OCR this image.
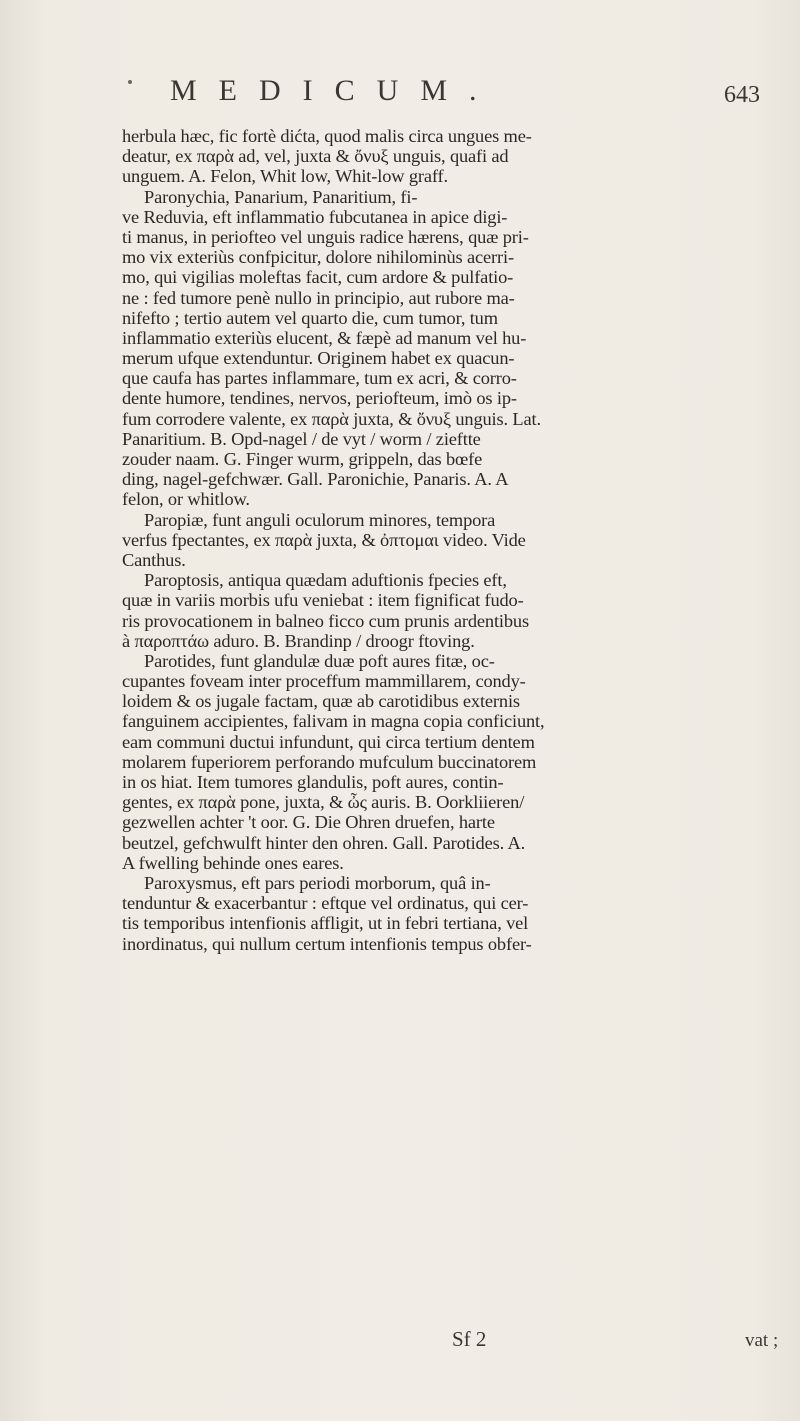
MEDICUM.	643
herbula hæc, fic fortè dićta, quod malis circa ungues me-
deatur, ex παρὰ ad, vel, juxta & ὄνυξ unguis, quafi ad
unguem. A. Felon, Whit low, Whit-low graff.
Paronychia, Panarium, Panaritium, fi-
ve Reduvia, eft inflammatio fubcutanea in apice digi-
ti manus, in periofteo vel unguis radice hærens, quæ pri-
mo vix exteriùs confpicitur, dolore nihilominùs acerri-
mo, qui vigilias moleftas facit, cum ardore & pulfatio-
ne : fed tumore penè nullo in principio, aut rubore ma-
nifefto ; tertio autem vel quarto die, cum tumor, tum
inflammatio exteriùs elucent, & fæpè ad manum vel hu-
merum ufque extenduntur. Originem habet ex quacun-
que caufa has partes inflammare, tum ex acri, & corro-
dente humore, tendines, nervos, periofteum, imò os ip-
fum corrodere valente, ex παρὰ juxta, & ὄνυξ unguis. Lat.
Panaritium. B. Opd-nagel / de vyt / worm / zieftte
zouder naam. G. Finger wurm, grippeln, das bœfe
ding, nagel-gefchwær. Gall. Paronichie, Panaris. A. A
felon, or whitlow.
Paropiæ, funt anguli oculorum minores, tempora
verfus fpectantes, ex παρὰ juxta, & ὀπτομαι video. Vide
Canthus.
Paroptosis, antiqua quædam aduftionis fpecies eft,
quæ in variis morbis ufu veniebat : item fignificat fudo-
ris provocationem in balneo ficco cum prunis ardentibus
à παροπτάω aduro. B. Brandinp / droogr ftoving.
Parotides, funt glandulæ duæ poft aures fitæ, oc-
cupantes foveam inter proceffum mammillarem, condy-
loidem & os jugale factam, quæ ab carotidibus externis
fanguinem accipientes, falivam in magna copia conficiunt,
eam communi ductui infundunt, qui circa tertium dentem
molarem fuperiorem perforando mufculum buccinatorem
in os hiat. Item tumores glandulis, poft aures, contin-
gentes, ex παρὰ pone, juxta, & ὦς auris. B. Oorkliieren/
gezwellen achter 't oor. G. Die Ohren druefen, harte
beutzel, gefchwulft hinter den ohren. Gall. Parotides. A.
A fwelling behinde ones eares.
Paroxysmus, eft pars periodi morborum, quâ in-
tenduntur & exacerbantur : eftque vel ordinatus, qui cer-
tis temporibus intenfionis affligit, ut in febri tertiana, vel
inordinatus, qui nullum certum intenfionis tempus obfer-
Sf 2	vat ;
